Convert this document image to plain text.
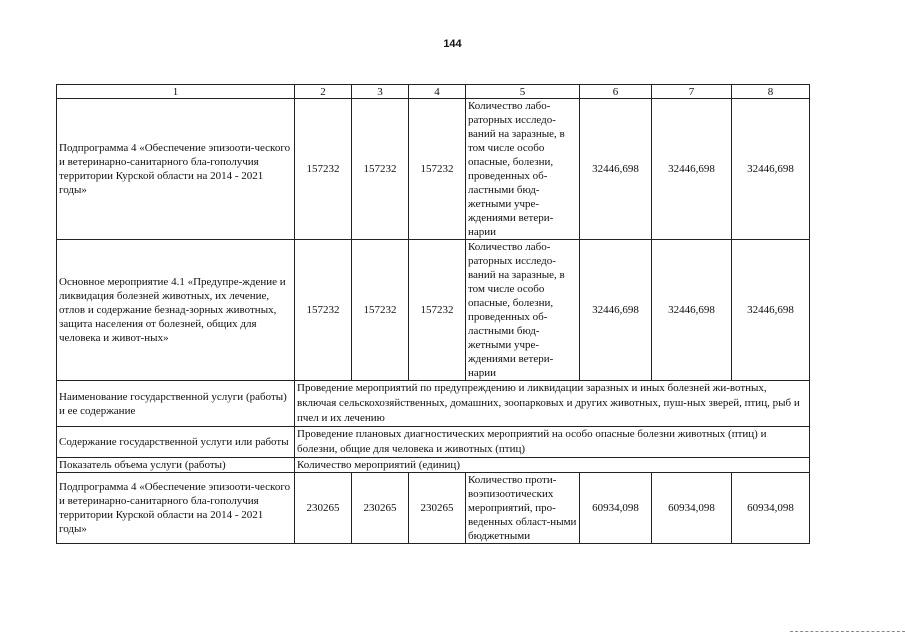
144
1	2	3	4	5	6	7	8
Подпрограмма 4 «Обеспечение эпизооти-ческого и ветеринарно-санитарного бла-гополучия территории Курской области на 2014 - 2021 годы»	157232	157232	157232	Количество лабо-раторных исследо-ваний на заразные, в том числе особо опасные, болезни, проведенных об-ластными бюд-жетными учре-ждениями ветери-нарии	32446,698	32446,698	32446,698
Основное мероприятие 4.1 «Предупре-ждение и ликвидация болезней животных, их лечение, отлов и содержание безнад-зорных животных, защита населения от болезней, общих для человека и живот-ных»	157232	157232	157232	Количество лабо-раторных исследо-ваний на заразные, в том числе особо опасные, болезни, проведенных об-ластными бюд-жетными учре-ждениями ветери-нарии	32446,698	32446,698	32446,698
Наименование государственной услуги (работы) и ее содержание	Проведение мероприятий по предупреждению и ликвидации заразных и иных болезней жи-вотных, включая сельскохозяйственных, домашних, зоопарковых и других животных, пуш-ных зверей, птиц, рыб и пчел и их лечению						
Содержание государственной услуги или работы	Проведение плановых диагностических мероприятий на особо опасные болезни животных (птиц) и болезни, общие для человека и животных (птиц)						
Показатель объема услуги (работы)	Количество мероприятий (единиц)						
Подпрограмма 4 «Обеспечение эпизооти-ческого и ветеринарно-санитарного бла-гополучия территории Курской области на 2014 - 2021 годы»	230265	230265	230265	Количество проти-воэпизоотических мероприятий, про-веденных област-ными бюджетными	60934,098	60934,098	60934,098
